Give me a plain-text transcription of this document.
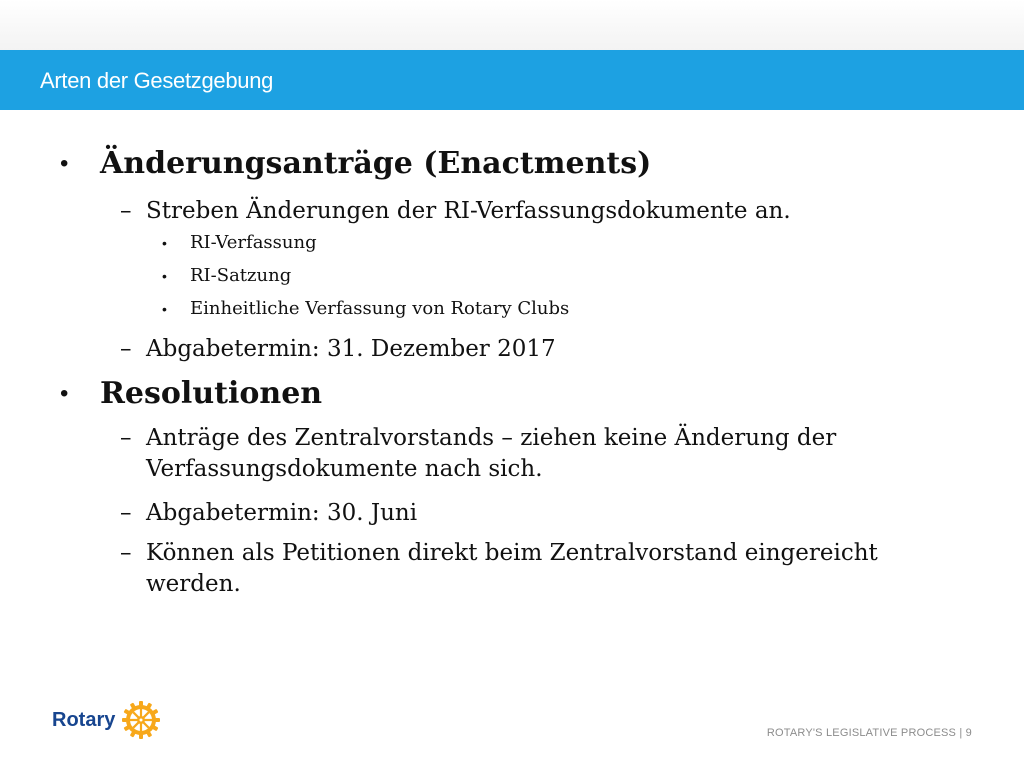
Arten der Gesetzgebung
•	Änderungsanträge (Enactments)
– Streben Änderungen der RI-Verfassungsdokumente an.
•	RI-Verfassung
•	RI-Satzung
•	Einheitliche Verfassung von Rotary Clubs
– Abgabetermin: 31. Dezember 2017
•	Resolutionen
– Anträge des Zentralvorstands – ziehen keine Änderung der Verfassungsdokumente nach sich.
– Abgabetermin: 30. Juni
– Können als Petitionen direkt beim Zentralvorstand eingereicht werden.
Rotary
ROTARY'S LEGISLATIVE PROCESS | 9
